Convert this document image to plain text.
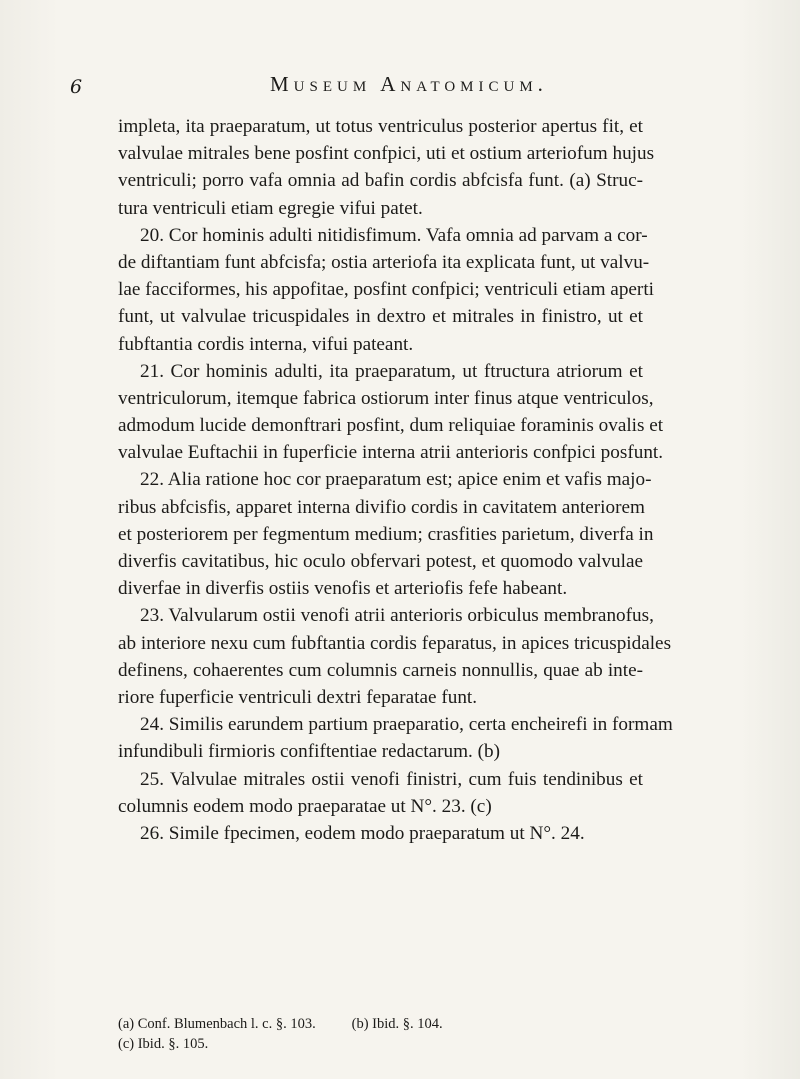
6	Museum Anatomicum.
impleta, ita praeparatum, ut totus ventriculus posterior apertus fit, et
valvulae mitrales bene posfint confpici, uti et ostium arteriofum hujus
ventriculi; porro vafa omnia ad bafin cordis abfcisfa funt. (a) Struc-
tura ventriculi etiam egregie vifui patet.
20. Cor hominis adulti nitidisfimum. Vafa omnia ad parvam a cor-
de diftantiam funt abfcisfa; ostia arteriofa ita explicata funt, ut valvu-
lae facciformes, his appofitae, posfint confpici; ventriculi etiam aperti
funt, ut valvulae tricuspidales in dextro et mitrales in finistro, ut et
fubftantia cordis interna, vifui pateant.
21. Cor hominis adulti, ita praeparatum, ut ftructura atriorum et
ventriculorum, itemque fabrica ostiorum inter finus atque ventriculos,
admodum lucide demonftrari posfint, dum reliquiae foraminis ovalis et
valvulae Euftachii in fuperficie interna atrii anterioris confpici posfunt.
22. Alia ratione hoc cor praeparatum est; apice enim et vafis majo-
ribus abfcisfis, apparet interna divifio cordis in cavitatem anteriorem
et posteriorem per fegmentum medium; crasfities parietum, diverfa in
diverfis cavitatibus, hic oculo obfervari potest, et quomodo valvulae
diverfae in diverfis ostiis venofis et arteriofis fefe habeant.
23. Valvularum ostii venofi atrii anterioris orbiculus membranofus,
ab interiore nexu cum fubftantia cordis feparatus, in apices tricuspidales
definens, cohaerentes cum columnis carneis nonnullis, quae ab inte-
riore fuperficie ventriculi dextri feparatae funt.
24. Similis earundem partium praeparatio, certa encheirefi in formam
infundibuli firmioris confiftentiae redactarum. (b)
25. Valvulae mitrales ostii venofi finistri, cum fuis tendinibus et
columnis eodem modo praeparatae ut N°. 23. (c)
26. Simile fpecimen, eodem modo praeparatum ut N°. 24.
(a) Conf. Blumenbach l. c. §. 103. (b) Ibid. §. 104.
(c) Ibid. §. 105.
